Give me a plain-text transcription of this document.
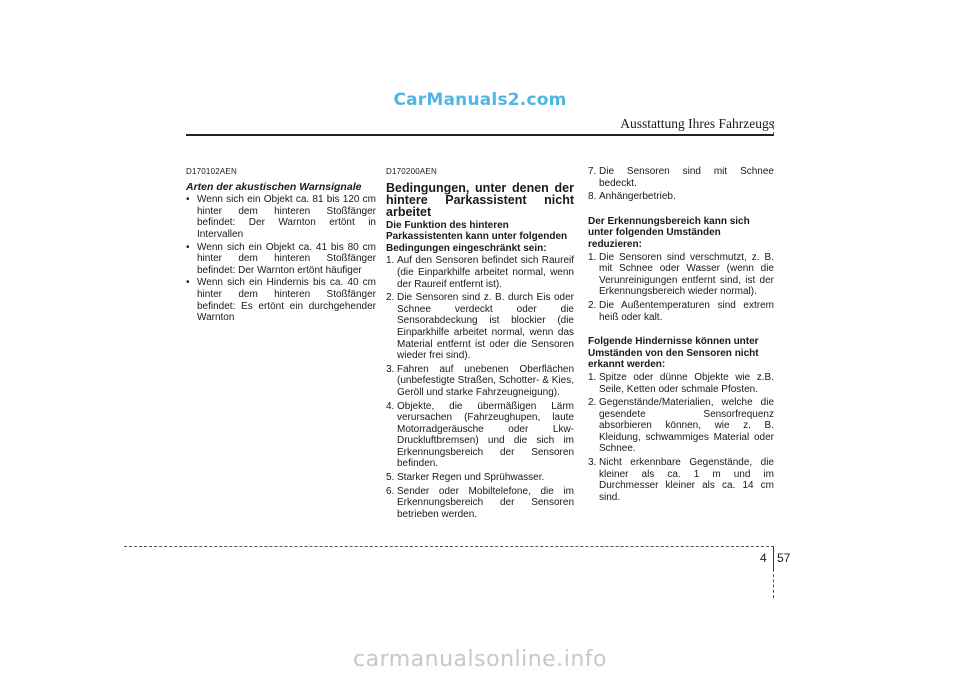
CarManuals2.com
Ausstattung Ihres Fahrzeugs
D170102AEN
Arten der akustischen Warnsignale
• Wenn sich ein Objekt ca. 81 bis 120 cm hinter dem hinteren Stoßfänger befindet: Der Warnton ertönt in Intervallen
• Wenn sich ein Objekt ca. 41 bis 80 cm hinter dem hinteren Stoßfänger befindet: Der Warnton ertönt häufiger
• Wenn sich ein Hindernis bis ca. 40 cm hinter dem hinteren Stoßfänger befindet: Es ertönt ein durchgehender Warnton
D170200AEN
Bedingungen, unter denen der hintere Parkassistent nicht arbeitet
Die Funktion des hinteren Parkassistenten kann unter folgenden Bedingungen eingeschränkt sein:
1. Auf den Sensoren befindet sich Raureif (die Einparkhilfe arbeitet normal, wenn der Raureif entfernt ist).
2. Die Sensoren sind z. B. durch Eis oder Schnee verdeckt oder die Sensorabdeckung ist blockier (die Einparkhilfe arbeitet normal, wenn das Material entfernt ist oder die Sensoren wieder frei sind).
3. Fahren auf unebenen Oberflächen (unbefestigte Straßen, Schotter- & Kies, Geröll und starke Fahrzeugneigung).
4. Objekte, die übermäßigen Lärm verursachen (Fahrzeughupen, laute Motorradgeräusche oder Lkw-Druckluftbremsen) und die sich im Erkennungsbereich der Sensoren befinden.
5. Starker Regen und Sprühwasser.
6. Sender oder Mobiltelefone, die im Erkennungsbereich der Sensoren betrieben werden.
7. Die Sensoren sind mit Schnee bedeckt.
8. Anhängerbetrieb.
Der Erkennungsbereich kann sich unter folgenden Umständen reduzieren:
1. Die Sensoren sind verschmutzt, z. B. mit Schnee oder Wasser (wenn die Verunreinigungen entfernt sind, ist der Erkennungsbereich wieder normal).
2. Die Außentemperaturen sind extrem heiß oder kalt.
Folgende Hindernisse können unter Umständen von den Sensoren nicht erkannt werden:
1. Spitze oder dünne Objekte wie z.B. Seile, Ketten oder schmale Pfosten.
2. Gegenstände/Materialien, welche die gesendete Sensorfrequenz absorbieren können, wie z. B. Kleidung, schwammiges Material oder Schnee.
3. Nicht erkennbare Gegenstände, die kleiner als ca. 1 m und im Durchmesser kleiner als ca. 14 cm sind.
4 57
carmanualsonline.info
